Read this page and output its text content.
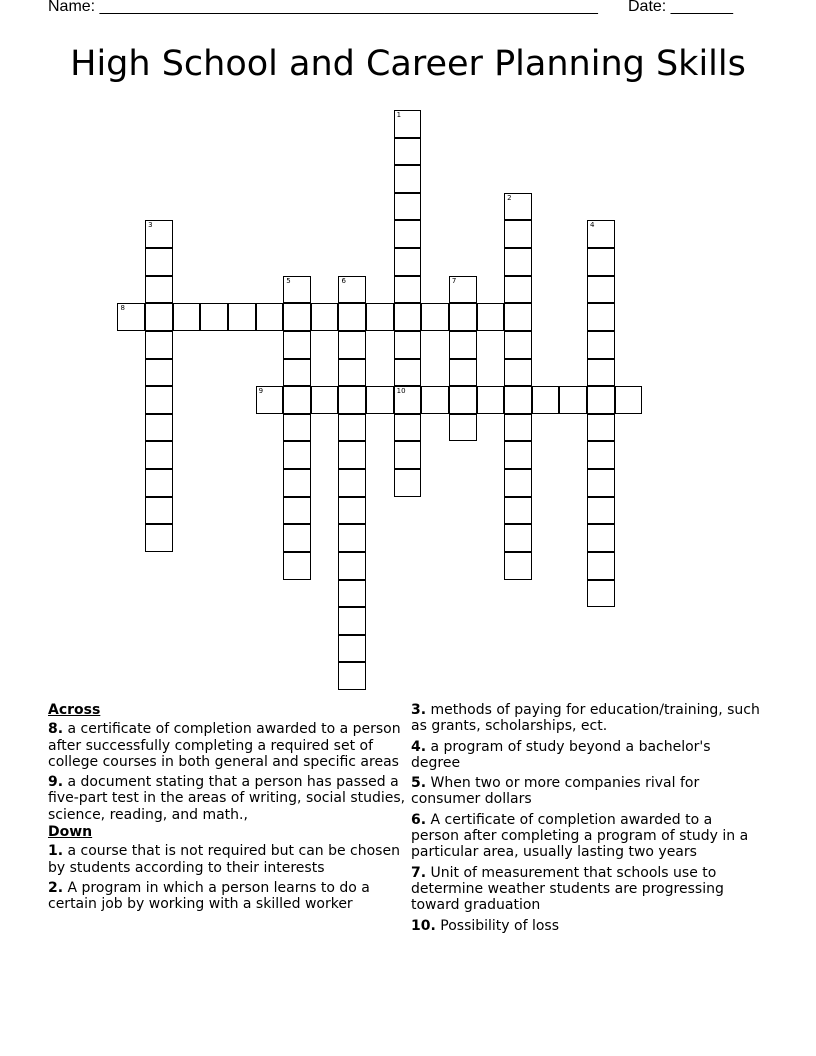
Name: ________________________________________________________ Date: _______
High School and Career Planning Skills
1
10
2
3	4
5	6	7
8
9
Across
8. a certificate of completion awarded to a person after successfully completing a required set of college courses in both general and specific areas
9. a document stating that a person has passed a five-part test in the areas of writing, social studies, science, reading, and math.,
Down
1. a course that is not required but can be chosen by students according to their interests
2. A program in which a person learns to do a certain job by working with a skilled worker
3. methods of paying for education/training, such as grants, scholarships, ect.
4. a program of study beyond a bachelor's degree
5. When two or more companies rival for consumer dollars
6. A certificate of completion awarded to a person after completing a program of study in a particular area, usually lasting two years
7. Unit of measurement that schools use to determine weather students are progressing toward graduation
10. Possibility of loss
